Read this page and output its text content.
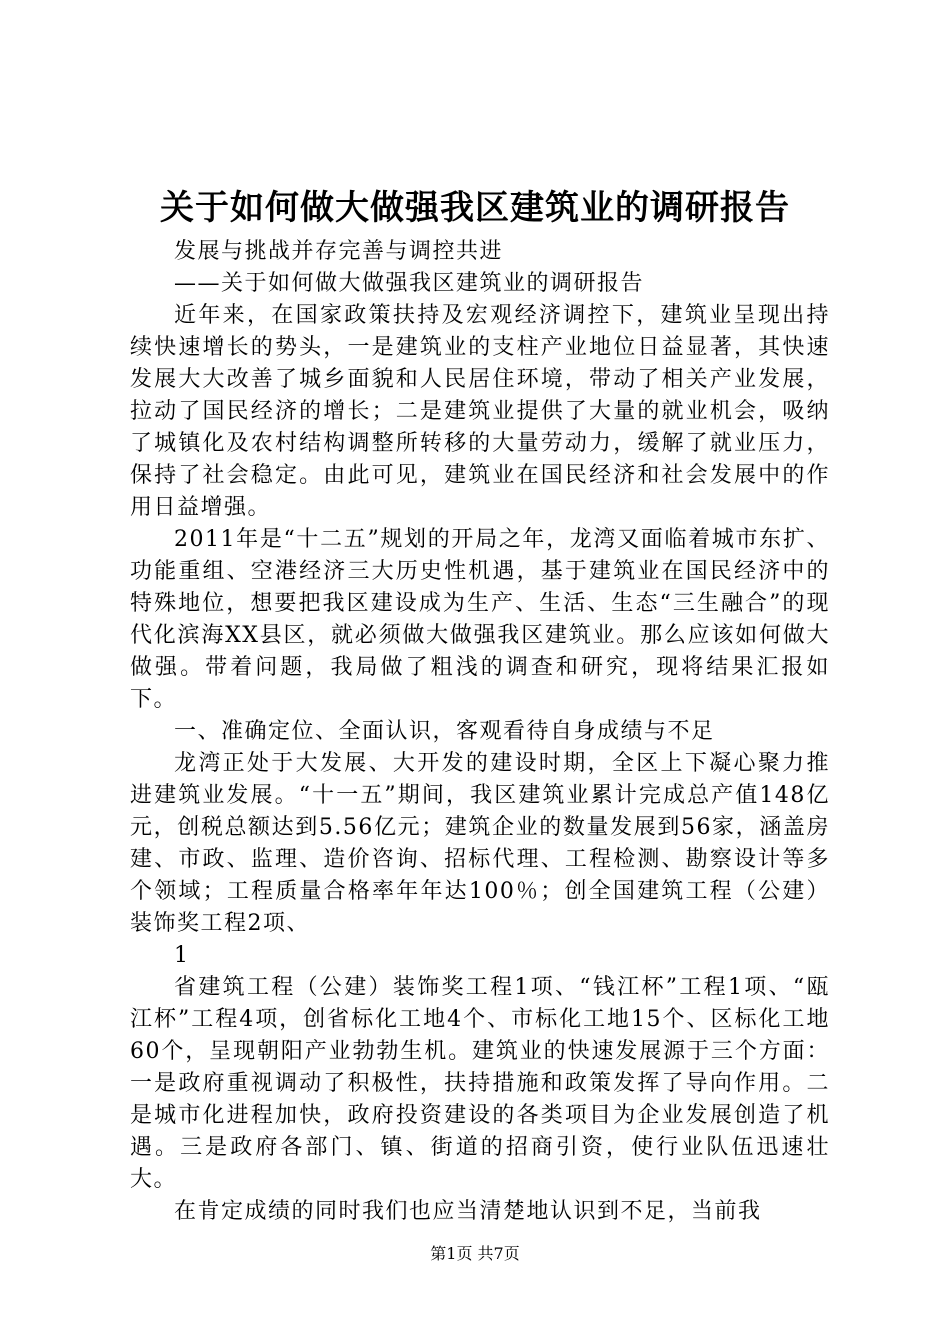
关于如何做大做强我区建筑业的调研报告
发展与挑战并存完善与调控共进
——关于如何做大做强我区建筑业的调研报告
近年来，在国家政策扶持及宏观经济调控下，建筑业呈现出持续快速增长的势头，一是建筑业的支柱产业地位日益显著，其快速发展大大改善了城乡面貌和人民居住环境，带动了相关产业发展，拉动了国民经济的增长；二是建筑业提供了大量的就业机会，吸纳了城镇化及农村结构调整所转移的大量劳动力，缓解了就业压力，保持了社会稳定。由此可见，建筑业在国民经济和社会发展中的作用日益增强。
2011年是“十二五”规划的开局之年，龙湾又面临着城市东扩、功能重组、空港经济三大历史性机遇，基于建筑业在国民经济中的特殊地位，想要把我区建设成为生产、生活、生态“三生融合”的现代化滨海XX县区，就必须做大做强我区建筑业。那么应该如何做大做强。带着问题，我局做了粗浅的调查和研究，现将结果汇报如下。
一、准确定位、全面认识，客观看待自身成绩与不足
龙湾正处于大发展、大开发的建设时期，全区上下凝心聚力推进建筑业发展。“十一五”期间，我区建筑业累计完成总产值148亿元，创税总额达到5.56亿元；建筑企业的数量发展到56家，涵盖房建、市政、监理、造价咨询、招标代理、工程检测、勘察设计等多个领域；工程质量合格率年年达100％；创全国建筑工程（公建）装饰奖工程2项、
1
省建筑工程（公建）装饰奖工程1项、“钱江杯”工程1项、“瓯江杯”工程4项，创省标化工地4个、市标化工地15个、区标化工地60个，呈现朝阳产业勃勃生机。建筑业的快速发展源于三个方面：一是政府重视调动了积极性，扶持措施和政策发挥了导向作用。二是城市化进程加快，政府投资建设的各类项目为企业发展创造了机遇。三是政府各部门、镇、街道的招商引资，使行业队伍迅速壮大。
在肯定成绩的同时我们也应当清楚地认识到不足，当前我
第1页 共7页
